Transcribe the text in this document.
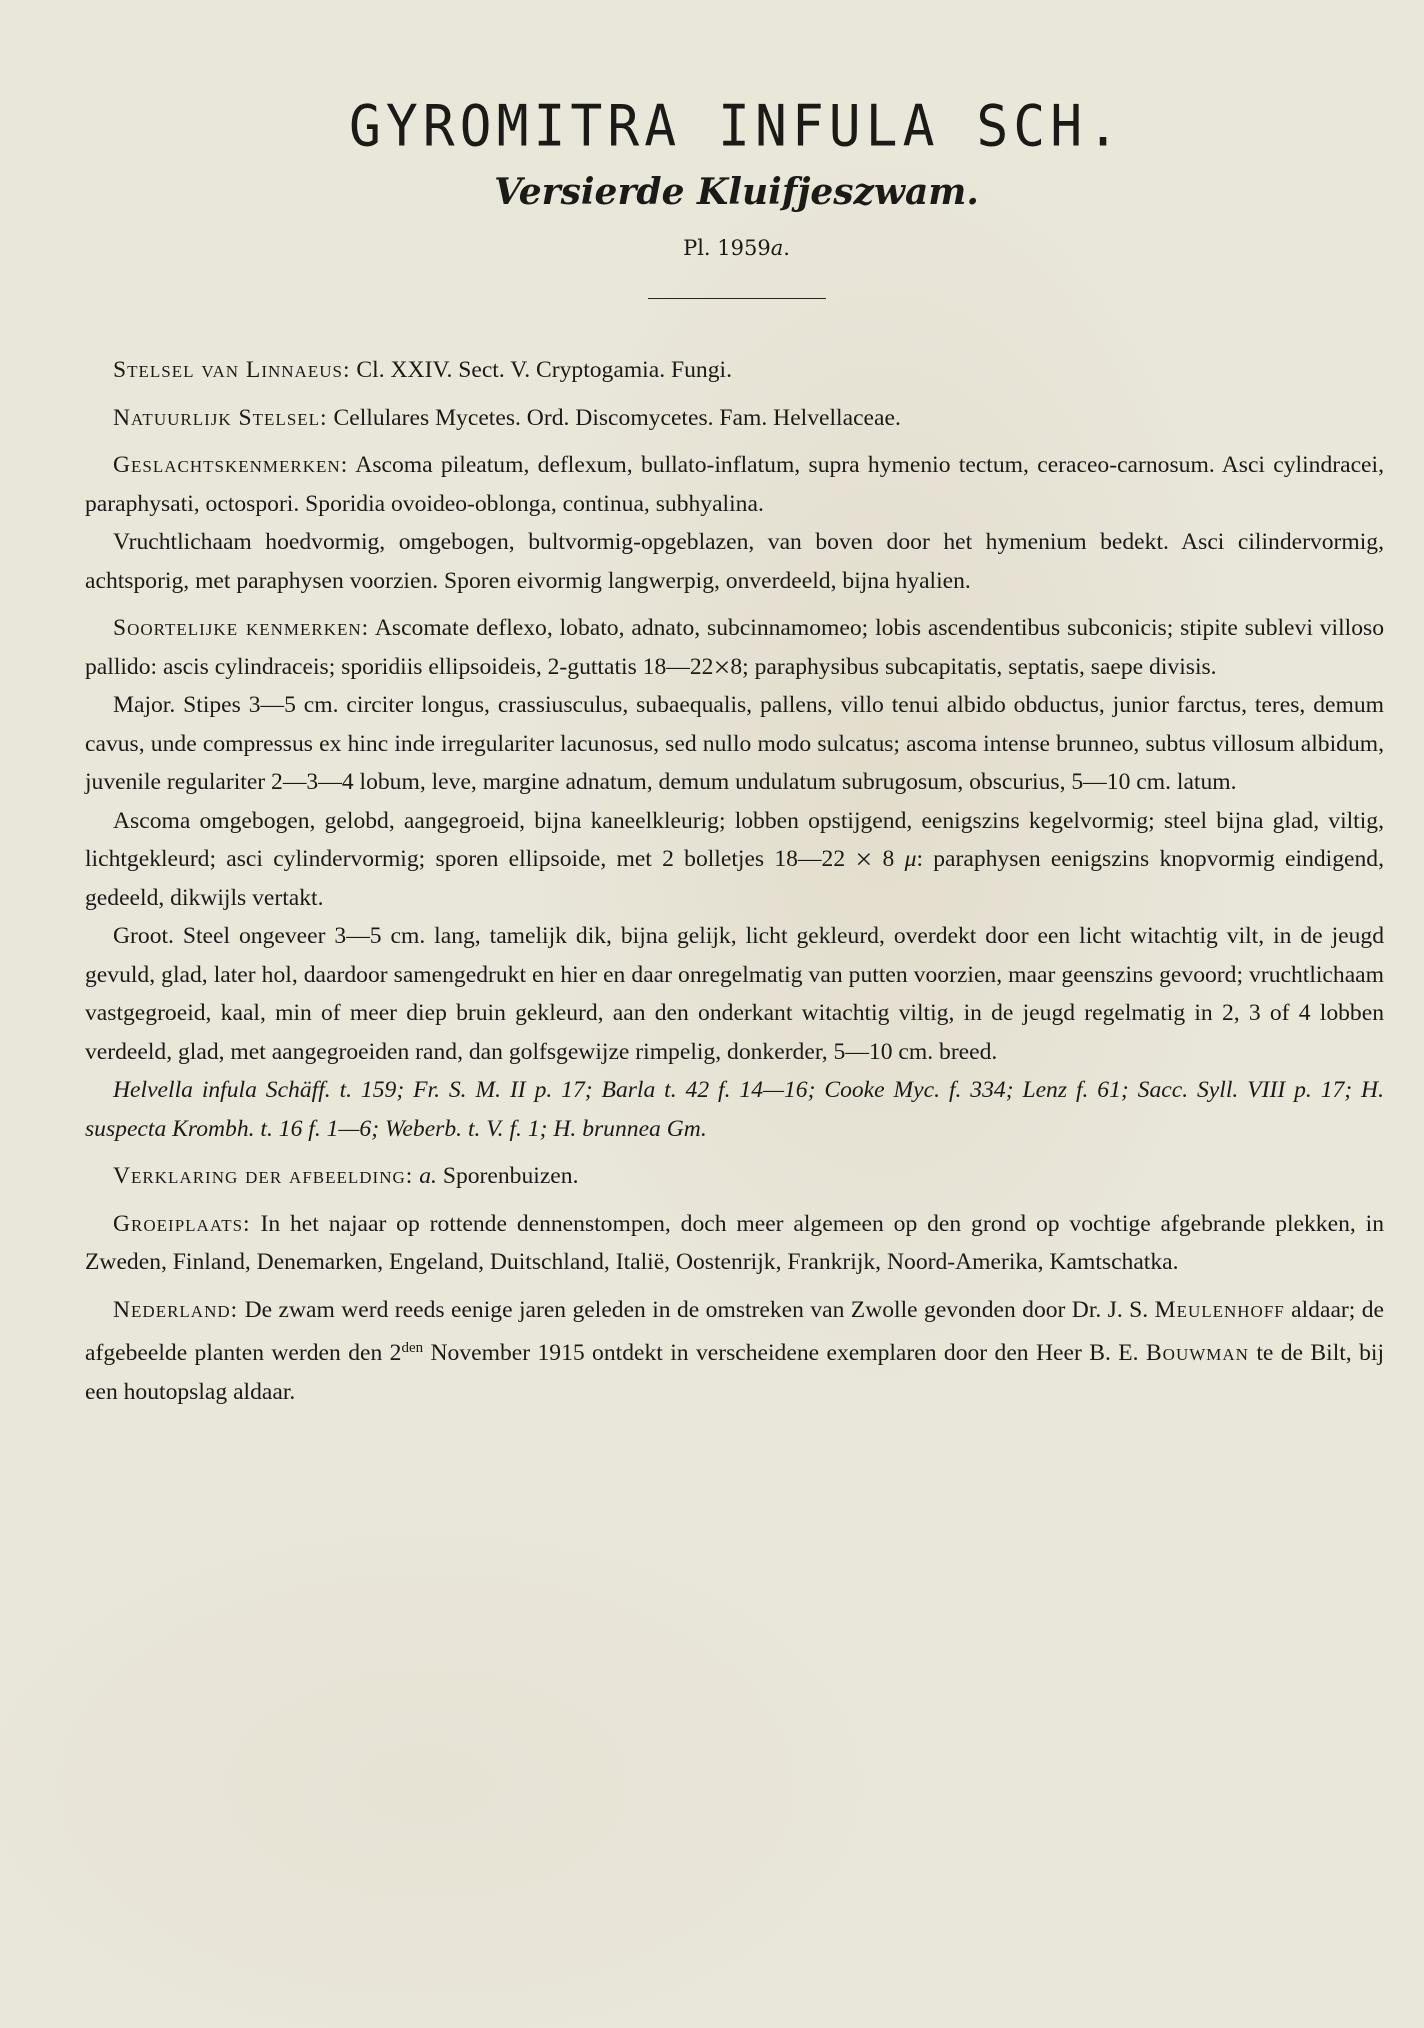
GYROMITRA INFULA SCH.
Versierde Kluifjeszwam.
Pl. 1959a.

Stelsel van Linnaeus: Cl. XXIV. Sect. V. Cryptogamia. Fungi.

Natuurlijk Stelsel: Cellulares Mycetes. Ord. Discomycetes. Fam. Helvellaceae.

Geslachtskenmerken: Ascoma pileatum, deflexum, bullato-inflatum, supra hymenio tectum, ceraceo-carnosum. Asci cylindracei, paraphysati, octospori. Sporidia ovoideo-oblonga, continua, subhyalina.

Vruchtlichaam hoedvormig, omgebogen, bultvormig-opgeblazen, van boven door het hymenium bedekt. Asci cilindervormig, achtsporig, met paraphysen voorzien. Sporen eivormig langwerpig, onverdeeld, bijna hyalien.

Soortelijke kenmerken: Ascomate deflexo, lobato, adnato, subcinnamomeo; lobis ascendentibus subconicis; stipite sublevi villoso pallido: ascis cylindraceis; sporidiis ellipsoideis, 2-guttatis 18—22×8; paraphysibus subcapitatis, septatis, saepe divisis.

Major. Stipes 3—5 cm. circiter longus, crassiusculus, subaequalis, pallens, villo tenui albido obductus, junior farctus, teres, demum cavus, unde compressus ex hinc inde irregulariter lacunosus, sed nullo modo sulcatus; ascoma intense brunneo, subtus villosum albidum, juvenile regulariter 2—3—4 lobum, leve, margine adnatum, demum undulatum subrugosum, obscurius, 5—10 cm. latum.

Ascoma omgebogen, gelobd, aangegroeid, bijna kaneelkleurig; lobben opstijgend, eenigszins kegelvormig; steel bijna glad, viltig, lichtgekleurd; asci cylindervormig; sporen ellipsoide, met 2 bolletjes 18—22 × 8 μ: paraphysen eenigszins knopvormig eindigend, gedeeld, dikwijls vertakt.

Groot. Steel ongeveer 3—5 cm. lang, tamelijk dik, bijna gelijk, licht gekleurd, overdekt door een licht witachtig vilt, in de jeugd gevuld, glad, later hol, daardoor samengedrukt en hier en daar onregelmatig van putten voorzien, maar geenszins gevoord; vruchtlichaam vastgegroeid, kaal, min of meer diep bruin gekleurd, aan den onderkant witachtig viltig, in de jeugd regelmatig in 2, 3 of 4 lobben verdeeld, glad, met aangegroeiden rand, dan golfsgewijze rimpelig, donkerder, 5—10 cm. breed.

Helvella infula Schäff. t. 159; Fr. S. M. II p. 17; Barla t. 42 f. 14—16; Cooke Myc. f. 334; Lenz f. 61; Sacc. Syll. VIII p. 17; H. suspecta Krombh. t. 16 f. 1—6; Weberb. t. V. f. 1; H. brunnea Gm.

Verklaring der afbeelding: a. Sporenbuizen.

Groeiplaats: In het najaar op rottende dennenstompen, doch meer algemeen op den grond op vochtige afgebrande plekken, in Zweden, Finland, Denemarken, Engeland, Duitschland, Italië, Oostenrijk, Frankrijk, Noord-Amerika, Kamtschatka.

Nederland: De zwam werd reeds eenige jaren geleden in de omstreken van Zwolle gevonden door Dr. J. S. Meulenhoff aldaar; de afgebeelde planten werden den $2^{den}$ November 1915 ontdekt in verscheidene exemplaren door den Heer B. E. Bouwman te de Bilt, bij een houtopslag aldaar.
